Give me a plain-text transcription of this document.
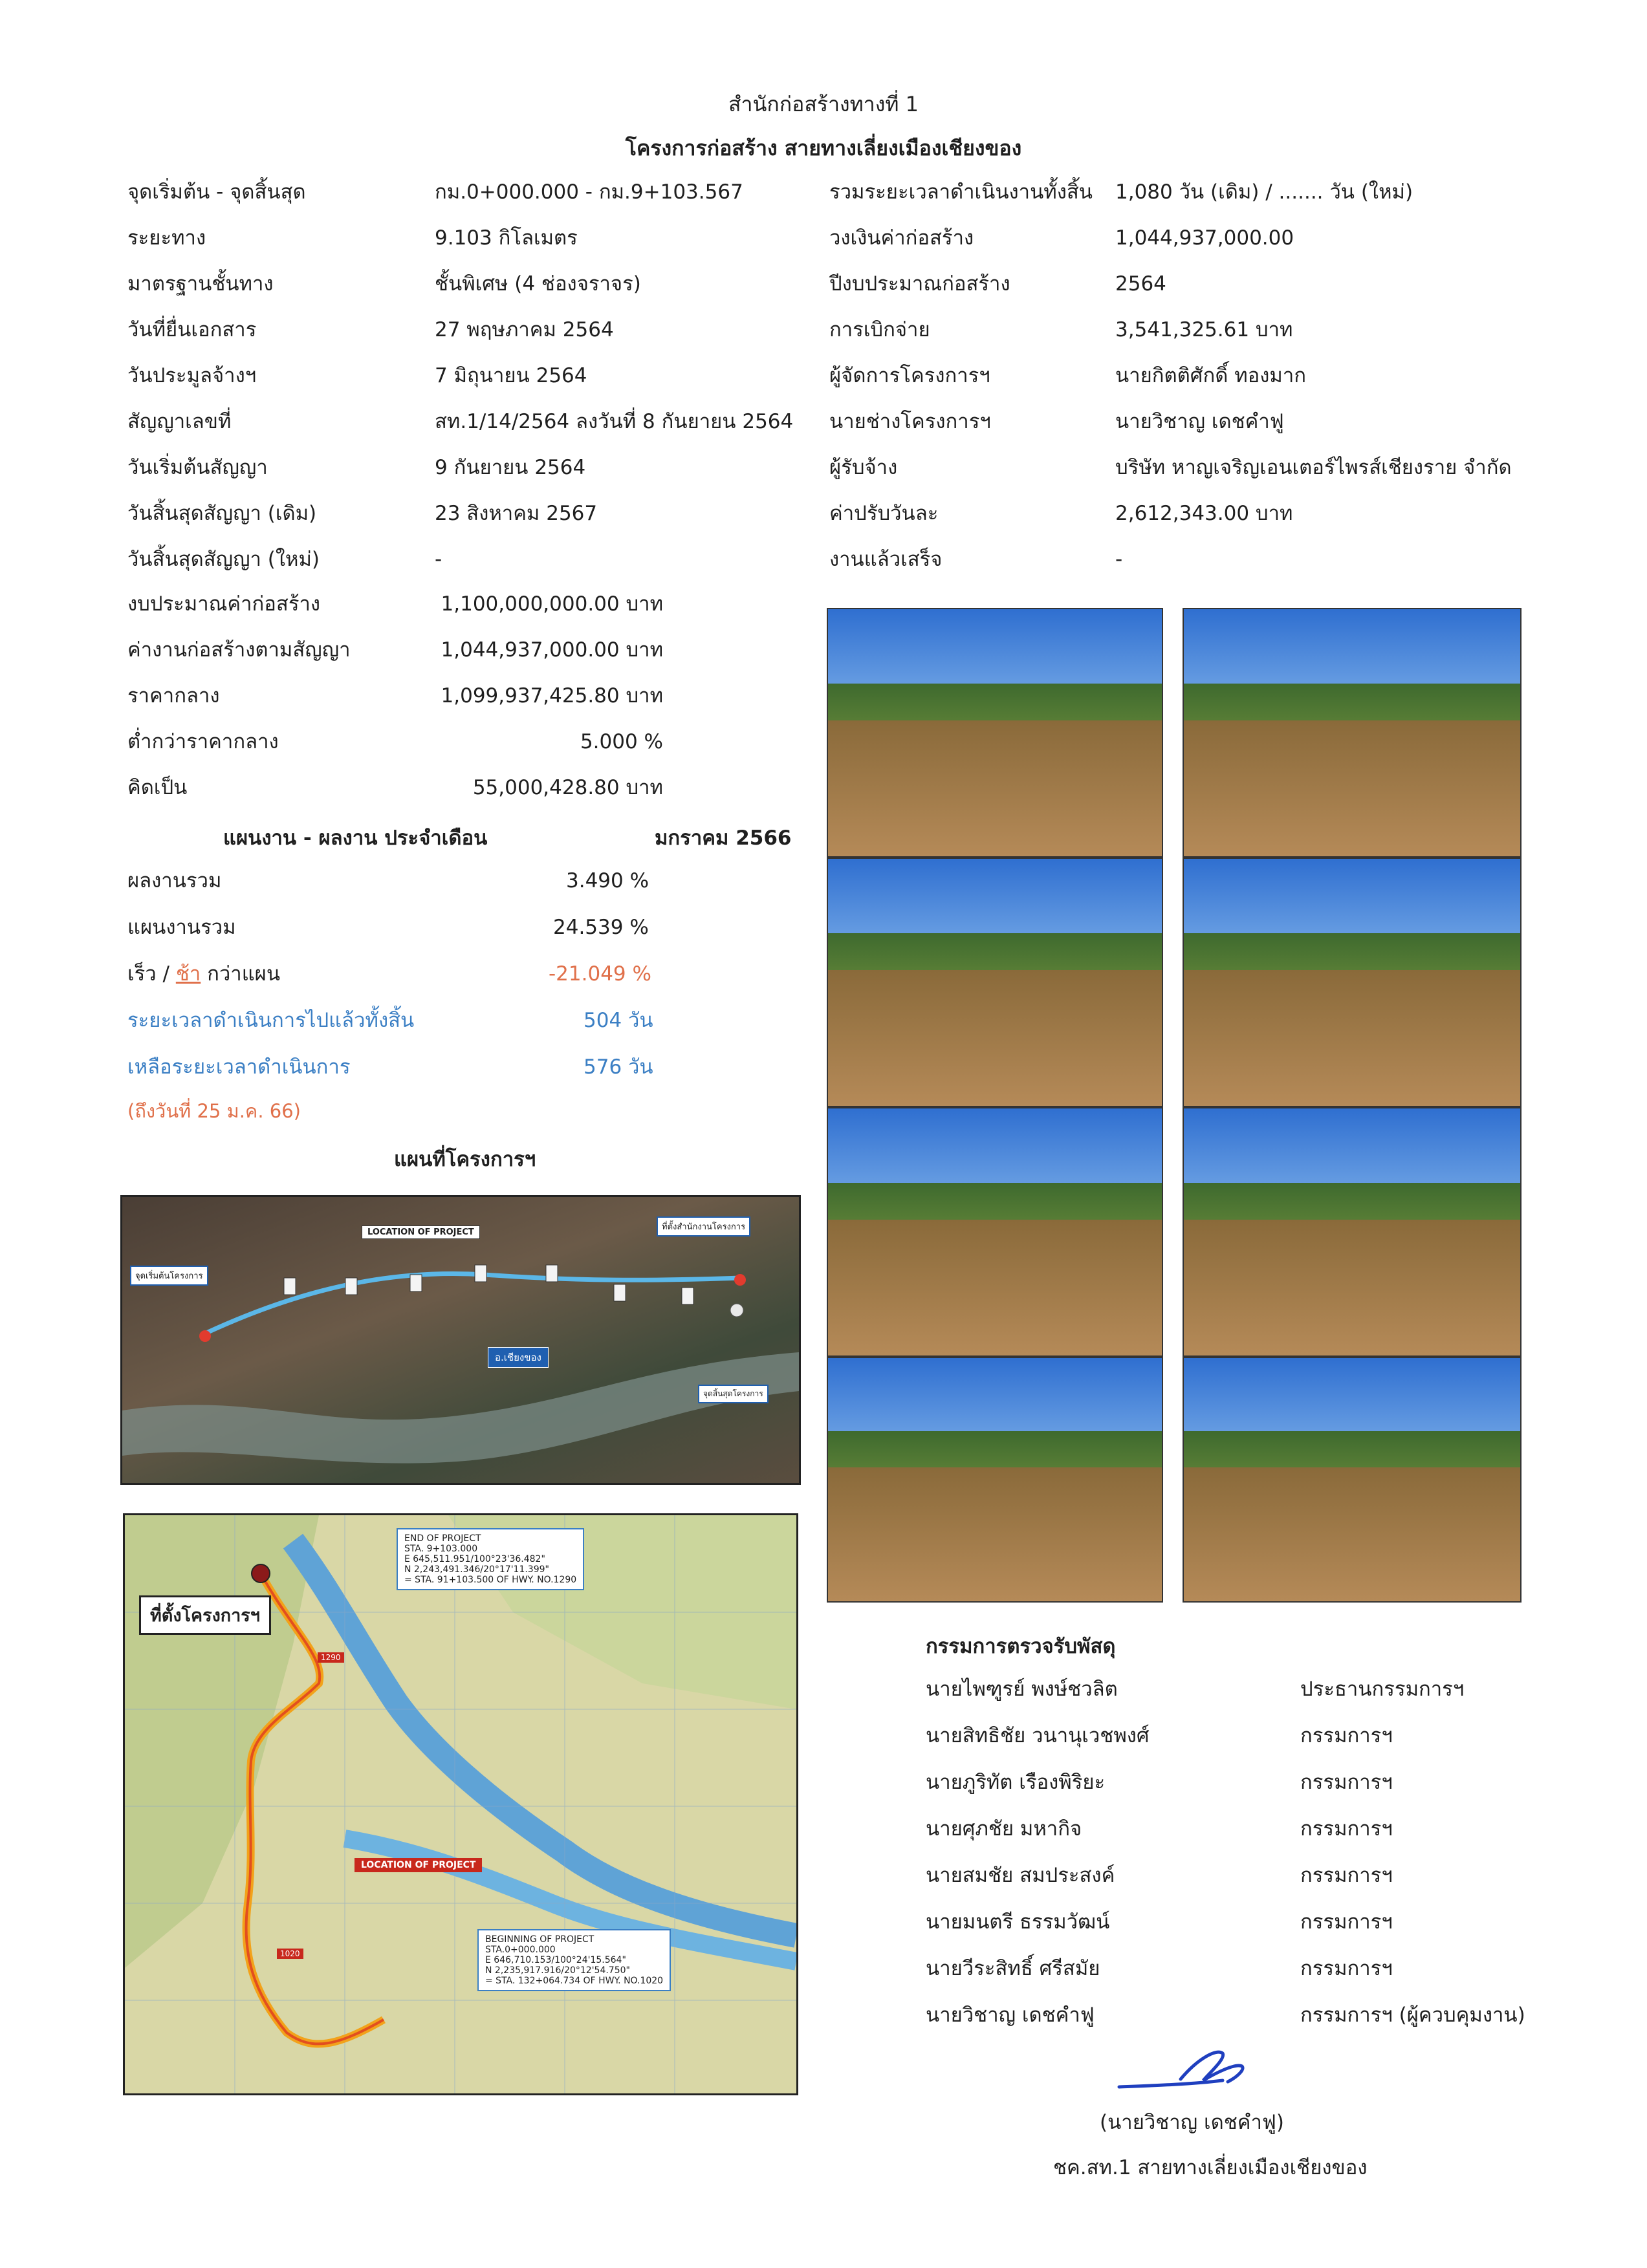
สำนักก่อสร้างทางที่ 1
โครงการก่อสร้าง สายทางเลี่ยงเมืองเชียงของ
จุดเริ่มต้น - จุดสิ้นสุด	กม.0+000.000 - กม.9+103.567
ระยะทาง	9.103 กิโลเมตร
มาตรฐานชั้นทาง	ชั้นพิเศษ (4 ช่องจราจร)
วันที่ยื่นเอกสาร	27 พฤษภาคม 2564
วันประมูลจ้างฯ	7 มิถุนายน 2564
สัญญาเลขที่	สท.1/14/2564 ลงวันที่ 8 กันยายน 2564
วันเริ่มต้นสัญญา	9 กันยายน 2564
วันสิ้นสุดสัญญา (เดิม)	23 สิงหาคม 2567
วันสิ้นสุดสัญญา (ใหม่)	-
รวมระยะเวลาดำเนินงานทั้งสิ้น 1,080 วัน (เดิม) / ....... วัน (ใหม่)
วงเงินค่าก่อสร้าง	1,044,937,000.00
ปีงบประมาณก่อสร้าง	2564
การเบิกจ่าย	3,541,325.61 บาท
ผู้จัดการโครงการฯ	นายกิตติศักดิ์ ทองมาก
นายช่างโครงการฯ	นายวิชาญ เดชคำฟู
ผู้รับจ้าง	บริษัท หาญเจริญเอนเตอร์ไพรส์เชียงราย จำกัด
ค่าปรับวันละ	2,612,343.00 บาท
งานแล้วเสร็จ	-
งบประมาณค่าก่อสร้าง	1,100,000,000.00 บาท
ค่างานก่อสร้างตามสัญญา	1,044,937,000.00 บาท
ราคากลาง	1,099,937,425.80 บาท
ต่ำกว่าราคากลาง	5.000 %
คิดเป็น	55,000,428.80 บาท
แผนงาน - ผลงาน ประจำเดือน	มกราคม 2566
ผลงานรวม	3.490 %
แผนงานรวม	24.539 %
เร็ว / ช้า กว่าแผน	-21.049 %
ระยะเวลาดำเนินการไปแล้วทั้งสิ้น	504 วัน
เหลือระยะเวลาดำเนินการ	576 วัน
(ถึงวันที่ 25 ม.ค. 66)
แผนที่โครงการฯ
LOCATION OF PROJECT
จุดเริ่มต้นโครงการ
ที่ตั้งสำนักงานโครงการ
อ.เชียงของ
จุดสิ้นสุดโครงการ
ที่ตั้งโครงการฯ
END OF PROJECT
STA. 9+103.000
E 645,511.951/100°23'36.482"
N 2,243,491.346/20°17'11.399"
= STA. 91+103.500 OF HWY. NO.1290
LOCATION OF PROJECT
BEGINNING OF PROJECT
STA.0+000.000
E 646,710.153/100°24'15.564"
N 2,235,917.916/20°12'54.750"
= STA. 132+064.734 OF HWY. NO.1020
1290
1020
กรรมการตรวจรับพัสดุ
นายไพฑูรย์ พงษ์ชวลิต	ประธานกรรมการฯ
นายสิทธิชัย วนานุเวชพงศ์	กรรมการฯ
นายภูริทัต เรืองพิริยะ	กรรมการฯ
นายศุภชัย มหากิจ	กรรมการฯ
นายสมชัย สมประสงค์	กรรมการฯ
นายมนตรี ธรรมวัฒน์	กรรมการฯ
นายวีระสิทธิ์ ศรีสมัย	กรรมการฯ
นายวิชาญ เดชคำฟู	กรรมการฯ (ผู้ควบคุมงาน)
(นายวิชาญ เดชคำฟู)
ชค.สท.1 สายทางเลี่ยงเมืองเชียงของ
